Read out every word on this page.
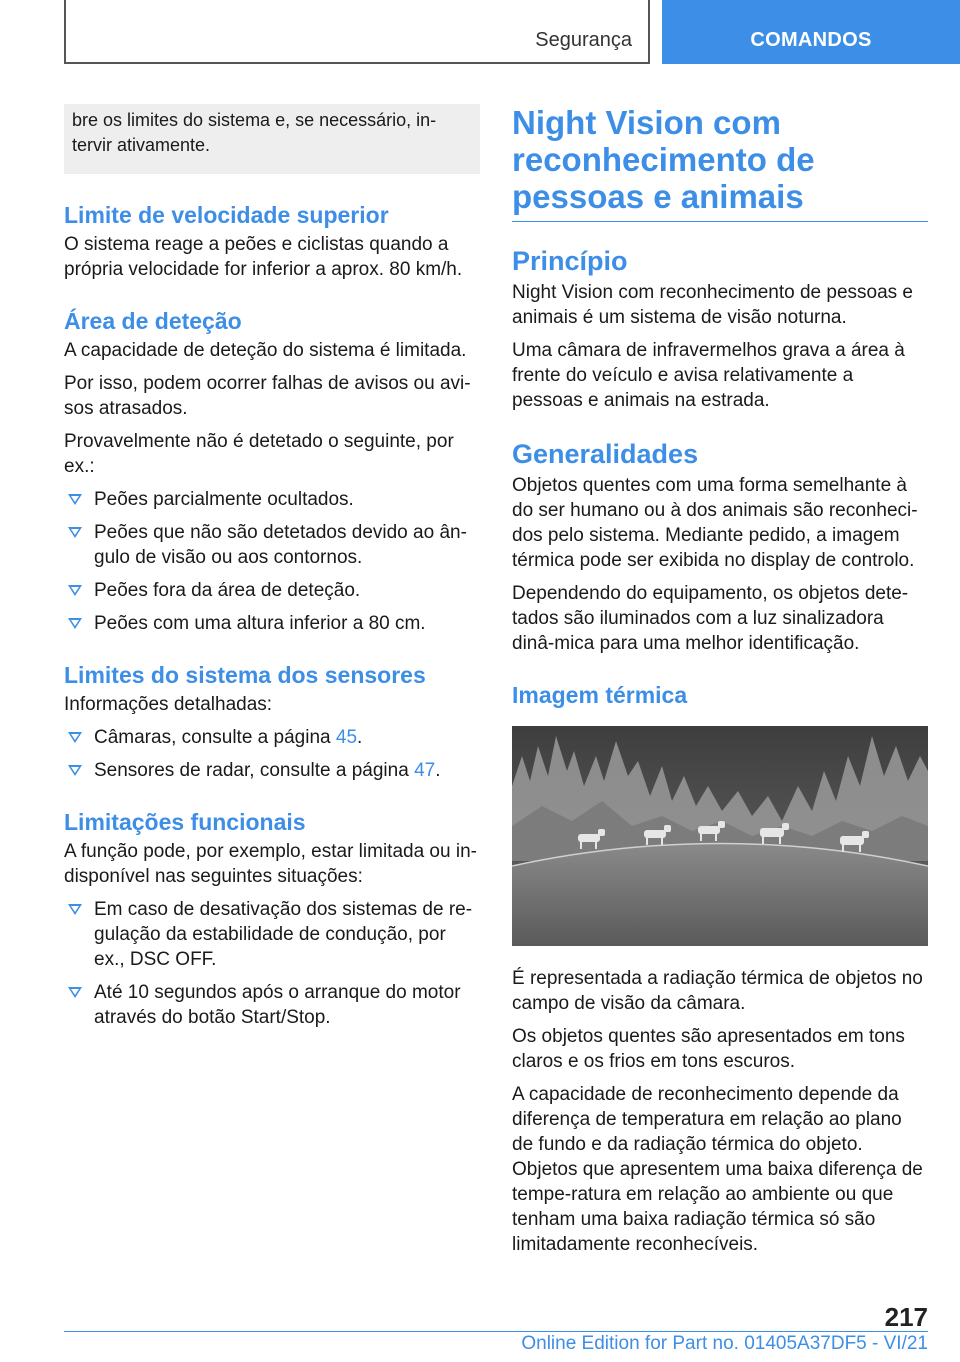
Segurança	COMANDOS
bre os limites do sistema e, se necessário, in-tervir ativamente.
Limite de velocidade superior

O sistema reage a peões e ciclistas quando a própria velocidade for inferior a aprox. 80 km/h.

Área de deteção

A capacidade de deteção do sistema é limitada.

Por isso, podem ocorrer falhas de avisos ou avi-sos atrasados.

Provavelmente não é detetado o seguinte, por ex.:

Peões parcialmente ocultados.
Peões que não são detetados devido ao ân-gulo de visão ou aos contornos.
Peões fora da área de deteção.
Peões com uma altura inferior a 80 cm.
Limites do sistema dos sensores

Informações detalhadas:

Câmaras, consulte a página 45.
Sensores de radar, consulte a página 47.
Limitações funcionais

A função pode, por exemplo, estar limitada ou in-disponível nas seguintes situações:

Em caso de desativação dos sistemas de re-gulação da estabilidade de condução, por ex., DSC OFF.
Até 10 segundos após o arranque do motor através do botão Start/Stop.
Night Vision com reconhecimento de pessoas e animais
Princípio

Night Vision com reconhecimento de pessoas e animais é um sistema de visão noturna.

Uma câmara de infravermelhos grava a área à frente do veículo e avisa relativamente a pessoas e animais na estrada.

Generalidades

Objetos quentes com uma forma semelhante à do ser humano ou à dos animais são reconheci-dos pelo sistema. Mediante pedido, a imagem térmica pode ser exibida no display de controlo.

Dependendo do equipamento, os objetos dete-tados são iluminados com a luz sinalizadora dinâ-mica para uma melhor identificação.

Imagem térmica

É representada a radiação térmica de objetos no campo de visão da câmara.

Os objetos quentes são apresentados em tons claros e os frios em tons escuros.

A capacidade de reconhecimento depende da diferença de temperatura em relação ao plano de fundo e da radiação térmica do objeto. Objetos que apresentem uma baixa diferença de tempe-ratura em relação ao ambiente ou que tenham uma baixa radiação térmica só são limitadamente reconhecíveis.

217
Online Edition for Part no. 01405A37DF5 - VI/21
